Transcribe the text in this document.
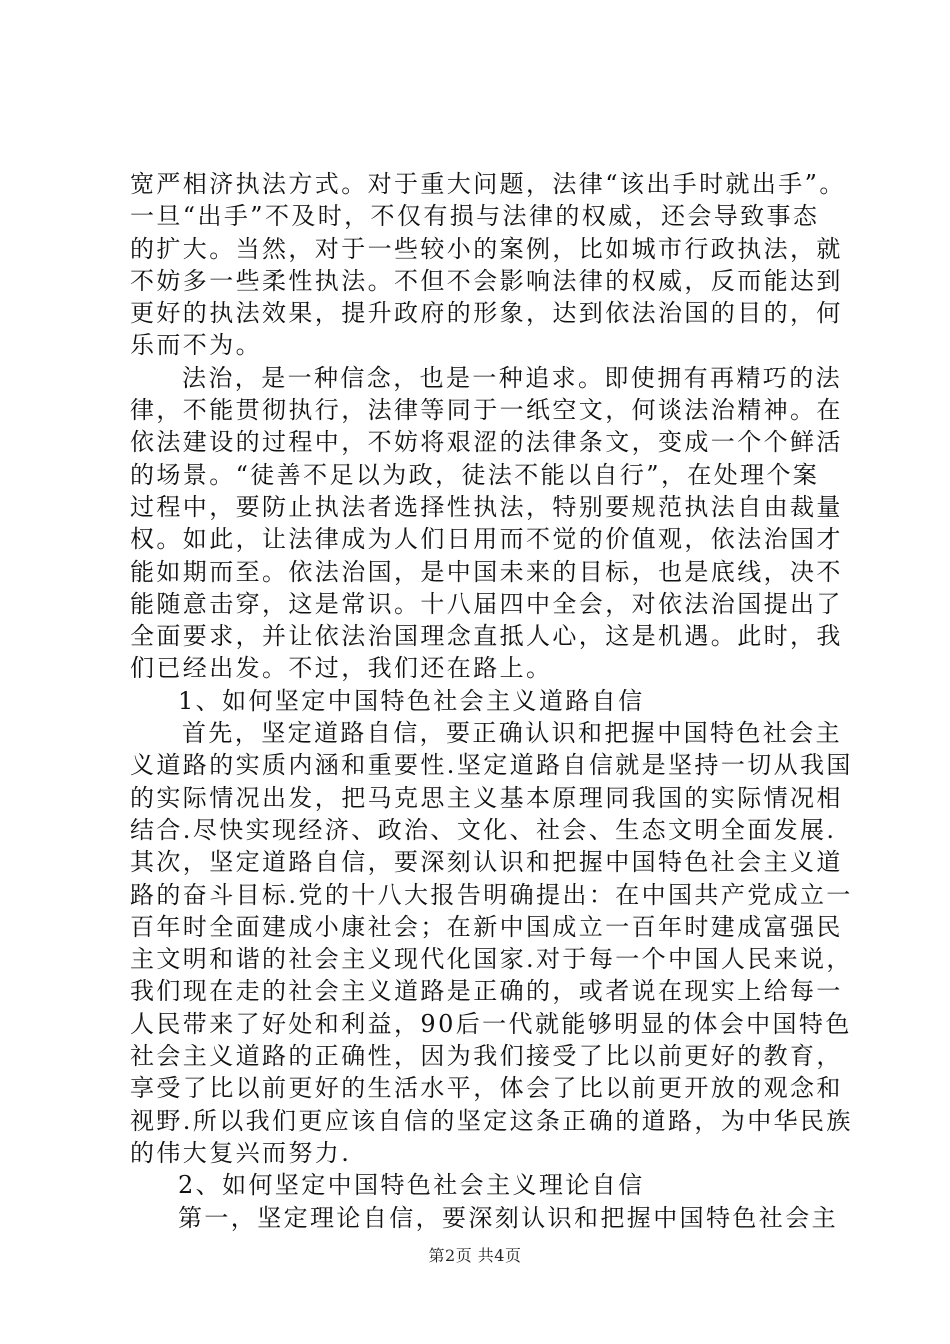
宽严相济执法方式。对于重大问题，法律“该出手时就出手”。
一旦“出手”不及时，不仅有损与法律的权威，还会导致事态
的扩大。当然，对于一些较小的案例，比如城市行政执法，就
不妨多一些柔性执法。不但不会影响法律的权威，反而能达到
更好的执法效果，提升政府的形象，达到依法治国的目的，何
乐而不为。
法治，是一种信念，也是一种追求。即使拥有再精巧的法
律，不能贯彻执行，法律等同于一纸空文，何谈法治精神。在
依法建设的过程中，不妨将艰涩的法律条文，变成一个个鲜活
的场景。“徒善不足以为政，徒法不能以自行”，在处理个案
过程中，要防止执法者选择性执法，特别要规范执法自由裁量
权。如此，让法律成为人们日用而不觉的价值观，依法治国才
能如期而至。依法治国，是中国未来的目标，也是底线，决不
能随意击穿，这是常识。十八届四中全会，对依法治国提出了
全面要求，并让依法治国理念直抵人心，这是机遇。此时，我
们已经出发。不过，我们还在路上。
1、如何坚定中国特色社会主义道路自信
首先，坚定道路自信，要正确认识和把握中国特色社会主
义道路的实质内涵和重要性.坚定道路自信就是坚持一切从我国
的实际情况出发，把马克思主义基本原理同我国的实际情况相
结合.尽快实现经济、政治、文化、社会、生态文明全面发展.
其次，坚定道路自信，要深刻认识和把握中国特色社会主义道
路的奋斗目标.党的十八大报告明确提出：在中国共产党成立一
百年时全面建成小康社会；在新中国成立一百年时建成富强民
主文明和谐的社会主义现代化国家.对于每一个中国人民来说，
我们现在走的社会主义道路是正确的，或者说在现实上给每一
人民带来了好处和利益，90后一代就能够明显的体会中国特色
社会主义道路的正确性，因为我们接受了比以前更好的教育，
享受了比以前更好的生活水平，体会了比以前更开放的观念和
视野.所以我们更应该自信的坚定这条正确的道路，为中华民族
的伟大复兴而努力.
2、如何坚定中国特色社会主义理论自信
第一，坚定理论自信，要深刻认识和把握中国特色社会主
第2页 共4页
